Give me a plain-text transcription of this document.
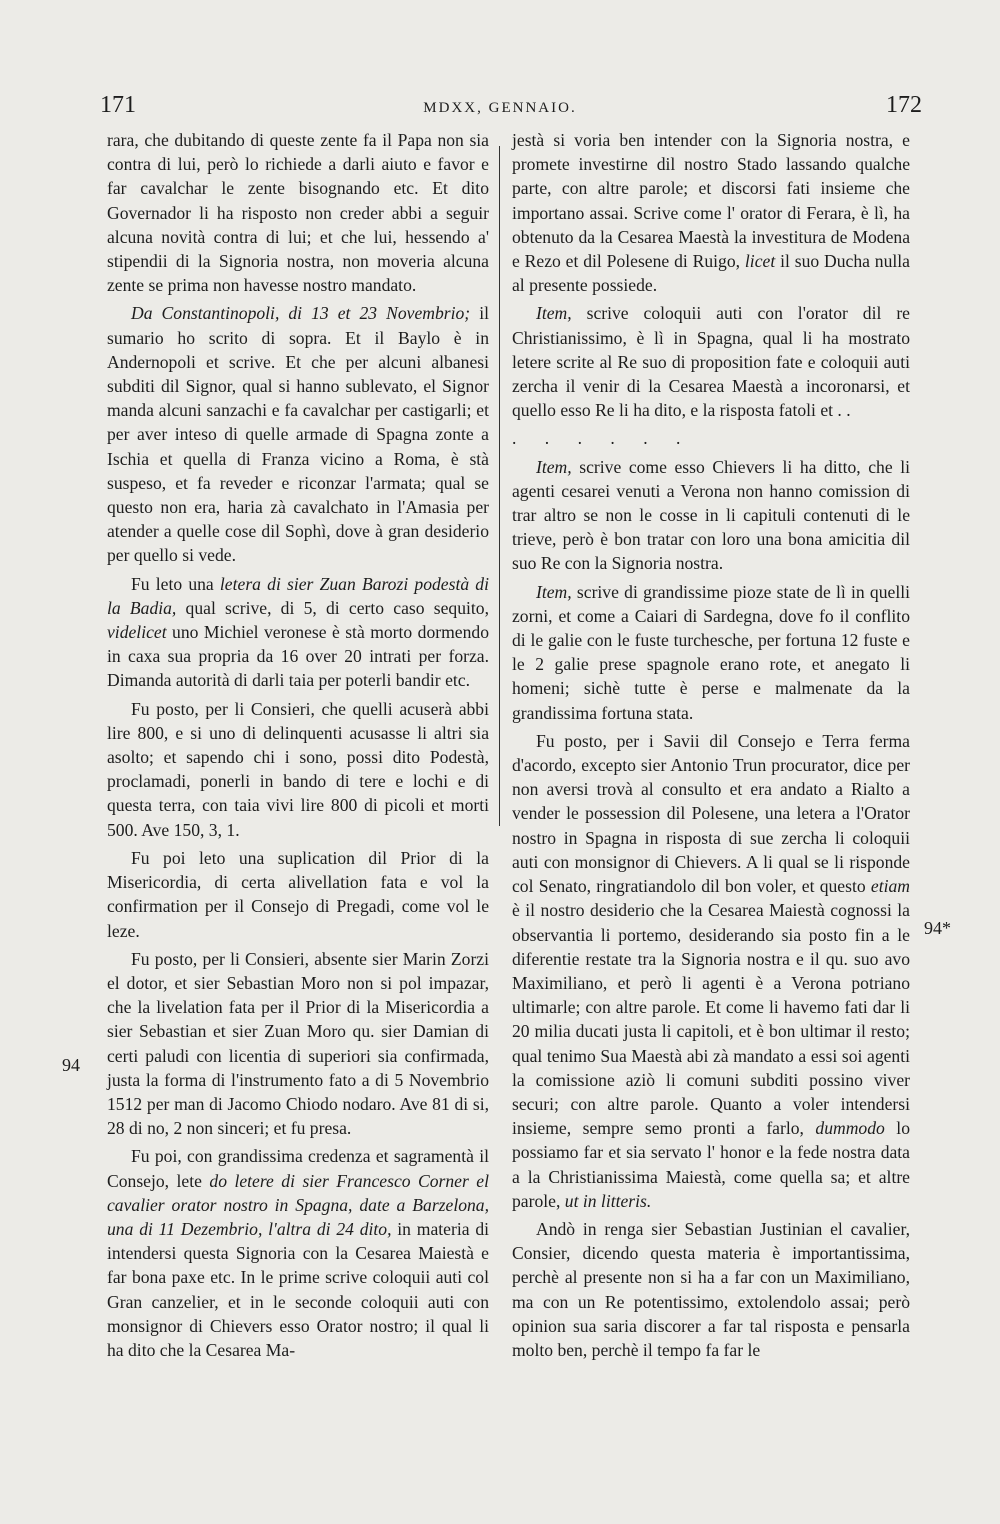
171	MDXX, GENNAIO.	172
94
94*

rara, che dubitando di queste zente fa il Papa non sia contra di lui, però lo richiede a darli aiuto e favor e far cavalchar le zente bisognando etc. Et dito Governador li ha risposto non creder abbi a seguir alcuna novità contra di lui; et che lui, hessendo a' stipendii di la Signoria nostra, non moveria alcuna zente se prima non havesse nostro mandato.

Da Constantinopoli, di 13 et 23 Novembrio; il sumario ho scrito di sopra. Et il Baylo è in Andernopoli et scrive. Et che per alcuni albanesi subditi dil Signor, qual si hanno sublevato, el Signor manda alcuni sanzachi e fa cavalchar per castigarli; et per aver inteso di quelle armade di Spagna zonte a Ischia et quella di Franza vicino a Roma, è stà suspeso, et fa reveder e riconzar l'armata; qual se questo non era, haria zà cavalchato in l'Amasia per atender a quelle cose dil Sophì, dove à gran desiderio per quello si vede.

Fu leto una letera di sier Zuan Barozi podestà di la Badia, qual scrive, di 5, di certo caso sequito, videlicet uno Michiel veronese è stà morto dormendo in caxa sua propria da 16 over 20 intrati per forza. Dimanda autorità di darli taia per poterli bandir etc.

Fu posto, per li Consieri, che quelli acuserà abbi lire 800, e si uno di delinquenti acusasse li altri sia asolto; et sapendo chi i sono, possi dito Podestà, proclamadi, ponerli in bando di tere e lochi e di questa terra, con taia vivi lire 800 di picoli et morti 500. Ave 150, 3, 1.

Fu poi leto una suplication dil Prior di la Misericordia, di certa alivellation fata e vol la confirmation per il Consejo di Pregadi, come vol le leze.

Fu posto, per li Consieri, absente sier Marin Zorzi el dotor, et sier Sebastian Moro non si pol impazar, che la livelation fata per il Prior di la Misericordia a sier Sebastian et sier Zuan Moro qu. sier Damian di certi paludi con licentia di superiori sia confirmada, justa la forma di l'instrumento fato a di 5 Novembrio 1512 per man di Jacomo Chiodo nodaro. Ave 81 di si, 28 di no, 2 non sinceri; et fu presa.

Fu poi, con grandissima credenza et sagramentà il Consejo, lete do letere di sier Francesco Corner el cavalier orator nostro in Spagna, date a Barzelona, una di 11 Dezembrio, l'altra di 24 dito, in materia di intendersi questa Signoria con la Cesarea Maiestà e far bona paxe etc. In le prime scrive coloquii auti col Gran canzelier, et in le seconde coloquii auti con monsignor di Chievers esso Orator nostro; il qual li ha dito che la Cesarea Ma-

jestà si voria ben intender con la Signoria nostra, e promete investirne dil nostro Stado lassando qualche parte, con altre parole; et discorsi fati insieme che importano assai. Scrive come l' orator di Ferara, è lì, ha obtenuto da la Cesarea Maestà la investitura de Modena e Rezo et dil Polesene di Ruigo, licet il suo Ducha nulla al presente possiede.

Item, scrive coloquii auti con l'orator dil re Christianissimo, è lì in Spagna, qual li ha mostrato letere scrite al Re suo di proposition fate e coloquii auti zercha il venir di la Cesarea Maestà a incoronarsi, et quello esso Re li ha dito, e la risposta fatoli et . .

. . . . . .

Item, scrive come esso Chievers li ha ditto, che li agenti cesarei venuti a Verona non hanno comission di trar altro se non le cosse in li capituli contenuti di le trieve, però è bon tratar con loro una bona amicitia dil suo Re con la Signoria nostra.

Item, scrive di grandissime pioze state de lì in quelli zorni, et come a Caiari di Sardegna, dove fo il conflito di le galie con le fuste turchesche, per fortuna 12 fuste e le 2 galie prese spagnole erano rote, et anegato li homeni; sichè tutte è perse e malmenate da la grandissima fortuna stata.

Fu posto, per i Savii dil Consejo e Terra ferma d'acordo, excepto sier Antonio Trun procurator, dice per non aversi trovà al consulto et era andato a Rialto a vender le possession dil Polesene, una letera a l'Orator nostro in Spagna in risposta di sue zercha li coloquii auti con monsignor di Chievers. A li qual se li risponde col Senato, ringratiandolo dil bon voler, et questo etiam è il nostro desiderio che la Cesarea Maiestà cognossi la observantia li portemo, desiderando sia posto fin a le diferentie restate tra la Signoria nostra e il qu. suo avo Maximiliano, et però li agenti è a Verona potriano ultimarle; con altre parole. Et come li havemo fati dar li 20 milia ducati justa li capitoli, et è bon ultimar il resto; qual tenimo Sua Maestà abi zà mandato a essi soi agenti la comissione aziò li comuni subditi possino viver securi; con altre parole. Quanto a voler intendersi insieme, sempre semo pronti a farlo, dummodo lo possiamo far et sia servato l' honor e la fede nostra data a la Christianissima Maiestà, come quella sa; et altre parole, ut in litteris.

Andò in renga sier Sebastian Justinian el cavalier, Consier, dicendo questa materia è importantissima, perchè al presente non si ha a far con un Maximiliano, ma con un Re potentissimo, extolendolo assai; però opinion sua saria discorer a far tal risposta e pensarla molto ben, perchè il tempo fa far le
